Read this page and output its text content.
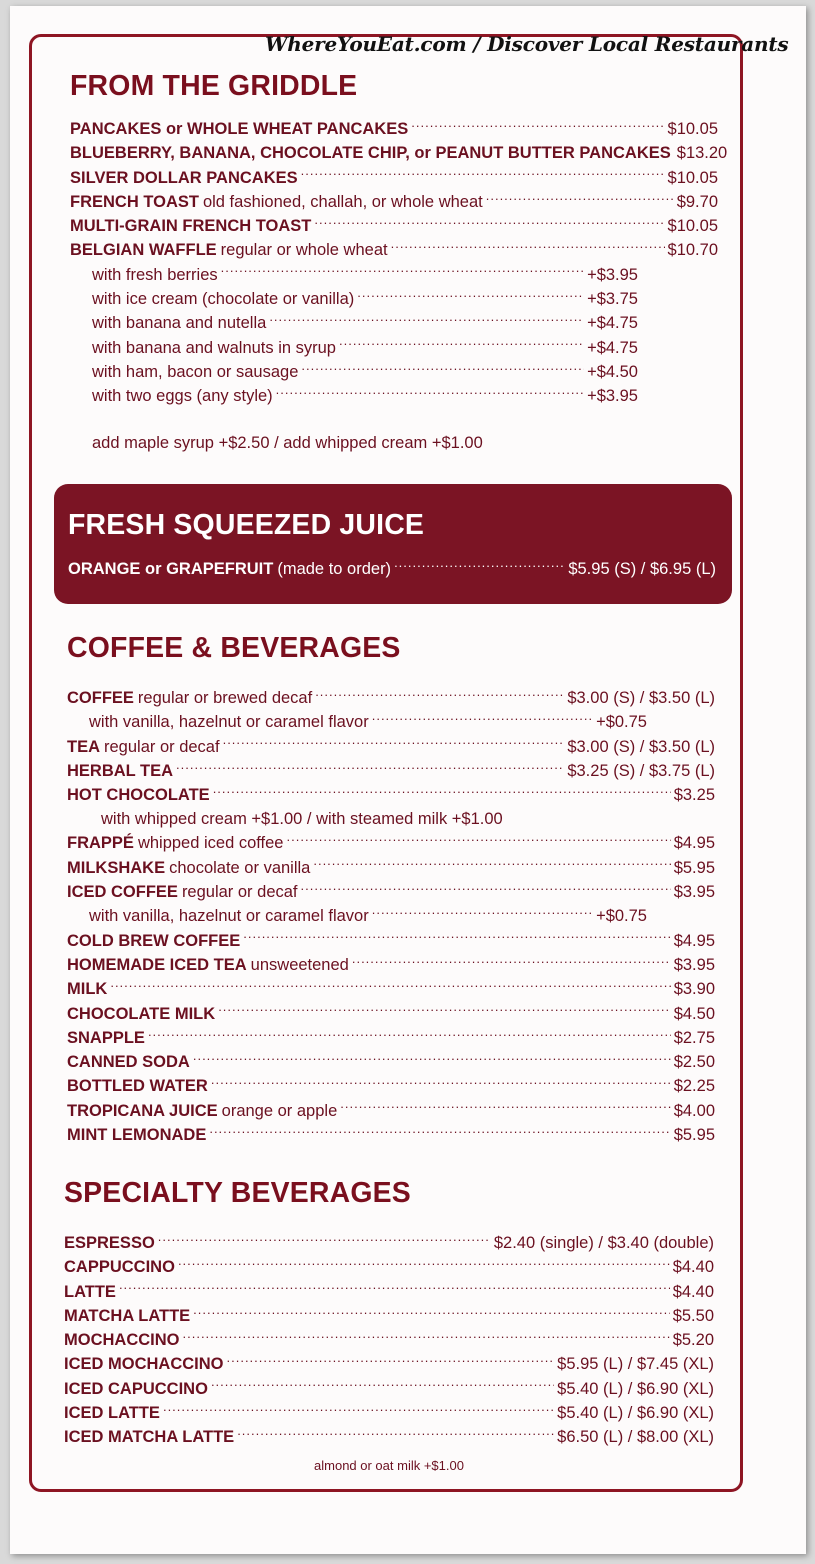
WhereYouEat.com / Discover Local Restaurants
FROM THE GRIDDLE
PANCAKES or WHOLE WHEAT PANCAKES .....	$10.05
BLUEBERRY, BANANA, CHOCOLATE CHIP, or PEANUT BUTTER PANCAKES $13.20
SILVER DOLLAR PANCAKES .....	$10.05
FRENCH TOAST old fashioned, challah, or whole wheat .....	$9.70
MULTI-GRAIN FRENCH TOAST .....	$10.05
BELGIAN WAFFLE regular or whole wheat .....	$10.70
with fresh berries .....	+$3.95
with ice cream (chocolate or vanilla) .....	+$3.75
with banana and nutella .....	+$4.75
with banana and walnuts in syrup .....	+$4.75
with ham, bacon or sausage .....	+$4.50
with two eggs (any style) .....	+$3.95
add maple syrup +$2.50 / add whipped cream +$1.00
FRESH SQUEEZED JUICE
ORANGE or GRAPEFRUIT (made to order) .....	$5.95 (S) / $6.95 (L)
COFFEE & BEVERAGES
COFFEE regular or brewed decaf .....	$3.00 (S) / $3.50 (L)
with vanilla, hazelnut or caramel flavor .....	+$0.75
TEA regular or decaf .....	$3.00 (S) / $3.50 (L)
HERBAL TEA .....	$3.25 (S) / $3.75 (L)
HOT CHOCOLATE .....	$3.25
with whipped cream +$1.00 / with steamed milk +$1.00
FRAPPÉ whipped iced coffee .....	$4.95
MILKSHAKE chocolate or vanilla .....	$5.95
ICED COFFEE regular or decaf .....	$3.95
with vanilla, hazelnut or caramel flavor .....	+$0.75
COLD BREW COFFEE .....	$4.95
HOMEMADE ICED TEA unsweetened .....	$3.95
MILK .....	$3.90
CHOCOLATE MILK .....	$4.50
SNAPPLE .....	$2.75
CANNED SODA .....	$2.50
BOTTLED WATER .....	$2.25
TROPICANA JUICE orange or apple .....	$4.00
MINT LEMONADE .....	$5.95
SPECIALTY BEVERAGES
ESPRESSO .....	$2.40 (single) / $3.40 (double)
CAPPUCCINO .....	$4.40
LATTE .....	$4.40
MATCHA LATTE .....	$5.50
MOCHACCINO .....	$5.20
ICED MOCHACCINO .....	$5.95 (L) / $7.45 (XL)
ICED CAPUCCINO .....	$5.40 (L) / $6.90 (XL)
ICED LATTE .....	$5.40 (L) / $6.90 (XL)
ICED MATCHA LATTE .....	$6.50 (L) / $8.00 (XL)
almond or oat milk +$1.00
